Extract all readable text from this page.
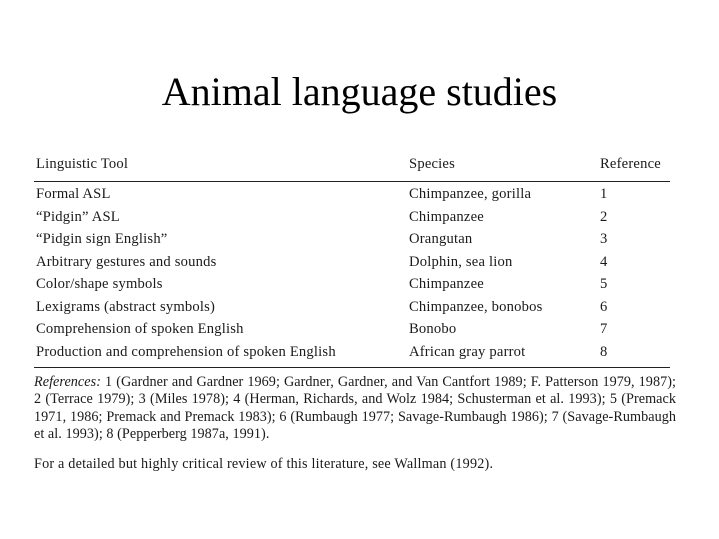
Animal language studies
Linguistic Tool	Species	Reference
Formal ASL	Chimpanzee, gorilla	1
“Pidgin” ASL	Chimpanzee	2
“Pidgin sign English”	Orangutan	3
Arbitrary gestures and sounds	Dolphin, sea lion	4
Color/shape symbols	Chimpanzee	5
Lexigrams (abstract symbols)	Chimpanzee, bonobos	6
Comprehension of spoken English	Bonobo	7
Production and comprehension of spoken English	African gray parrot	8
References: 1 (Gardner and Gardner 1969; Gardner, Gardner, and Van Cantfort 1989; F. Patterson 1979, 1987); 2 (Terrace 1979); 3 (Miles 1978); 4 (Herman, Richards, and Wolz 1984; Schusterman et al. 1993); 5 (Premack 1971, 1986; Premack and Premack 1983); 6 (Rumbaugh 1977; Savage-Rumbaugh 1986); 7 (Savage-Rumbaugh et al. 1993); 8 (Pepperberg 1987a, 1991).
For a detailed but highly critical review of this literature, see Wallman (1992).
